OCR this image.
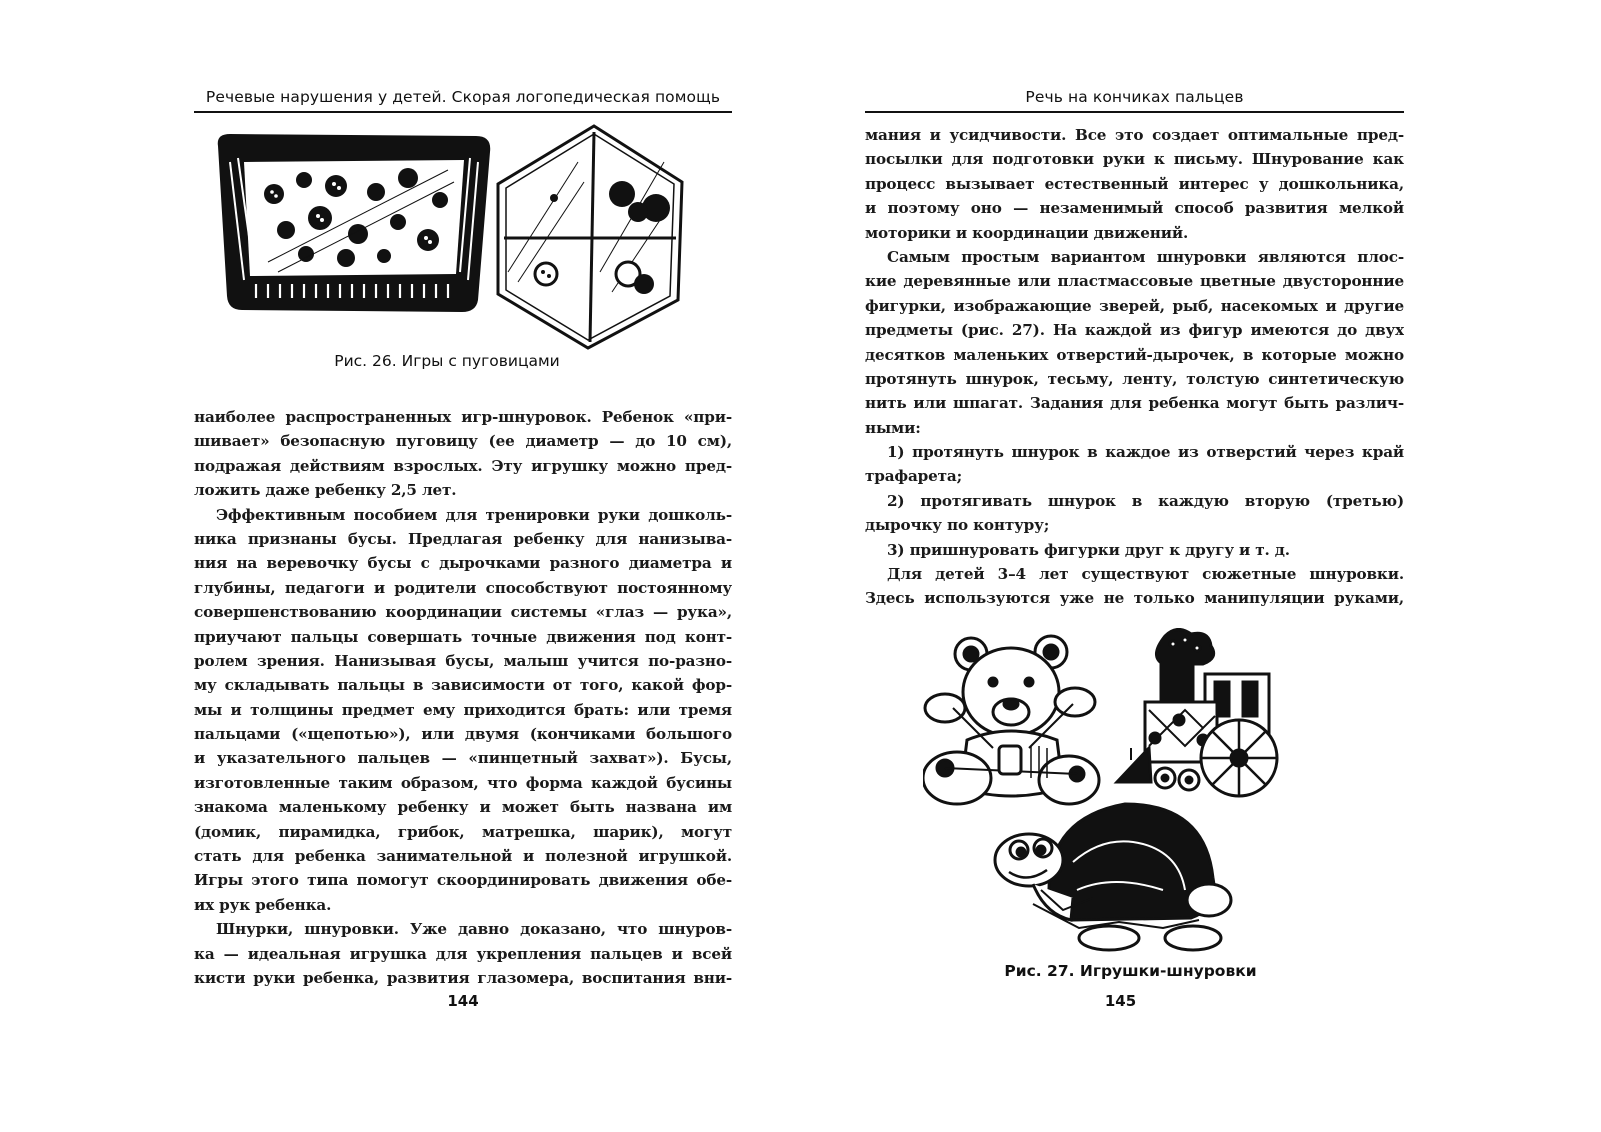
Речевые нарушения у детей. Скорая логопедическая помощь
Рис. 26. Игры с пуговицами
наиболее распространенных игр-шнуровок. Ребенок «при-
шивает» безопасную пуговицу (ее диаметр — до 10 см),
подражая действиям взрослых. Эту игрушку можно пред-
ложить даже ребенку 2,5 лет.
Эффективным пособием для тренировки руки дошколь-
ника признаны бусы. Предлагая ребенку для нанизыва-
ния на веревочку бусы с дырочками разного диаметра и
глубины, педагоги и родители способствуют постоянному
совершенствованию координации системы «глаз — рука»,
приучают пальцы совершать точные движения под конт-
ролем зрения. Нанизывая бусы, малыш учится по-разно-
му складывать пальцы в зависимости от того, какой фор-
мы и толщины предмет ему приходится брать: или тремя
пальцами («щепотью»), или двумя (кончиками большого
и указательного пальцев — «пинцетный захват»). Бусы,
изготовленные таким образом, что форма каждой бусины
знакома маленькому ребенку и может быть названа им
(домик, пирамидка, грибок, матрешка, шарик), могут
стать для ребенка занимательной и полезной игрушкой.
Игры этого типа помогут скоординировать движения обе-
их рук ребенка.
Шнурки, шнуровки. Уже давно доказано, что шнуров-
ка — идеальная игрушка для укрепления пальцев и всей
кисти руки ребенка, развития глазомера, воспитания вни-
144
Речь на кончиках пальцев
мания и усидчивости. Все это создает оптимальные пред-
посылки для подготовки руки к письму. Шнурование как
процесс вызывает естественный интерес у дошкольника,
и поэтому оно — незаменимый способ развития мелкой
моторики и координации движений.
Самым простым вариантом шнуровки являются плос-
кие деревянные или пластмассовые цветные двусторонние
фигурки, изображающие зверей, рыб, насекомых и другие
предметы (рис. 27). На каждой из фигур имеются до двух
десятков маленьких отверстий-дырочек, в которые можно
протянуть шнурок, тесьму, ленту, толстую синтетическую
нить или шпагат. Задания для ребенка могут быть различ-
ными:
1) протянуть шнурок в каждое из отверстий через край
трафарета;
2) протягивать шнурок в каждую вторую (третью)
дырочку по контуру;
3) пришнуровать фигурки друг к другу и т. д.
Для детей 3–4 лет существуют сюжетные шнуровки.
Здесь используются уже не только манипуляции руками,
Рис. 27. Игрушки-шнуровки
145
